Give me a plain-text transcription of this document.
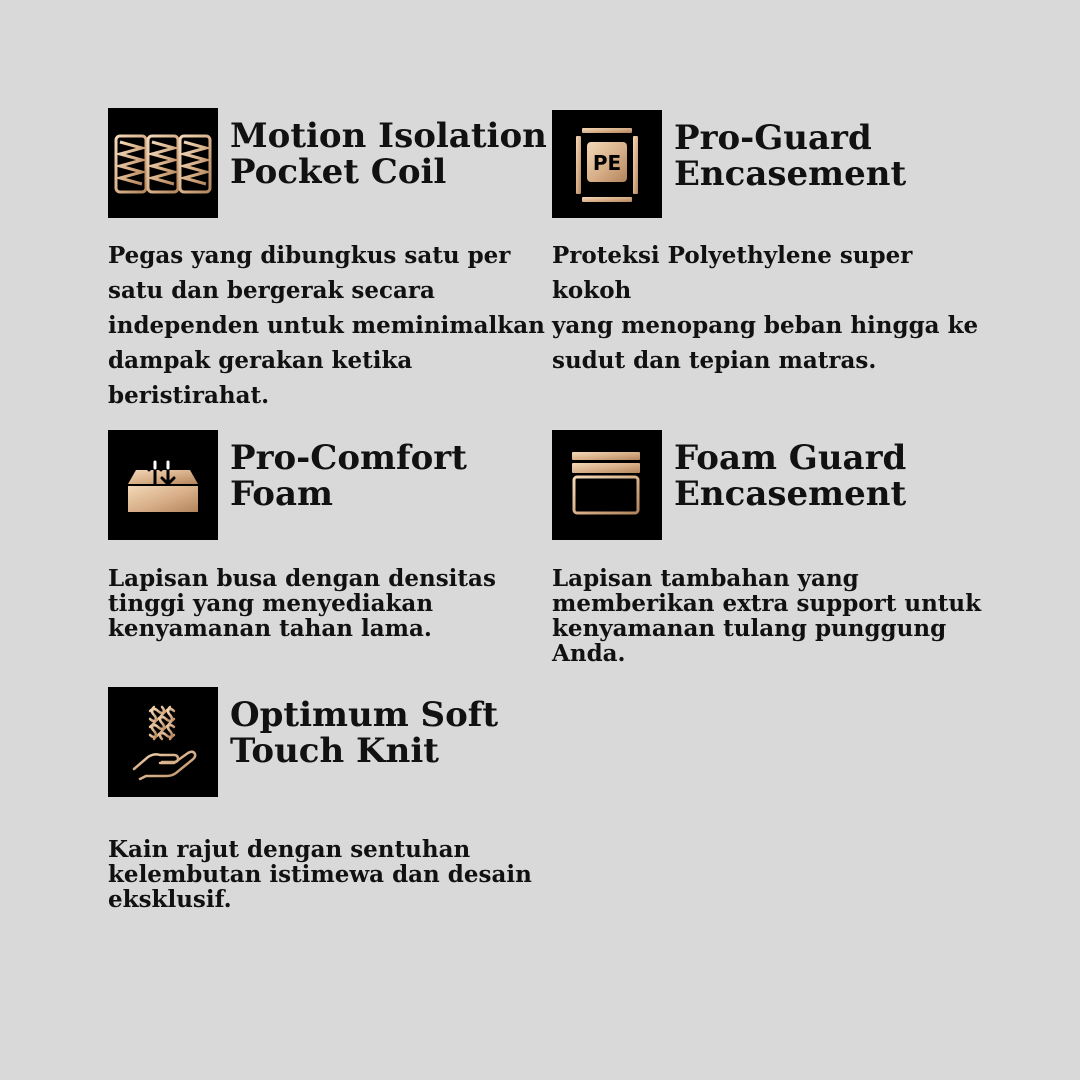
Motion Isolation
Pocket Coil

Pegas yang dibungkus satu per
satu dan bergerak secara
independen untuk meminimalkan
dampak gerakan ketika
beristirahat.

PE
Pro-Guard
Encasement

Proteksi Polyethylene super kokoh
yang menopang beban hingga ke
sudut dan tepian matras.

Pro-Comfort
Foam

Lapisan busa dengan densitas
tinggi yang menyediakan
kenyamanan tahan lama.

Foam Guard
Encasement

Lapisan tambahan yang
memberikan extra support untuk
kenyamanan tulang punggung
Anda.

Optimum Soft
Touch Knit

Kain rajut dengan sentuhan
kelembutan istimewa dan desain
eksklusif.
